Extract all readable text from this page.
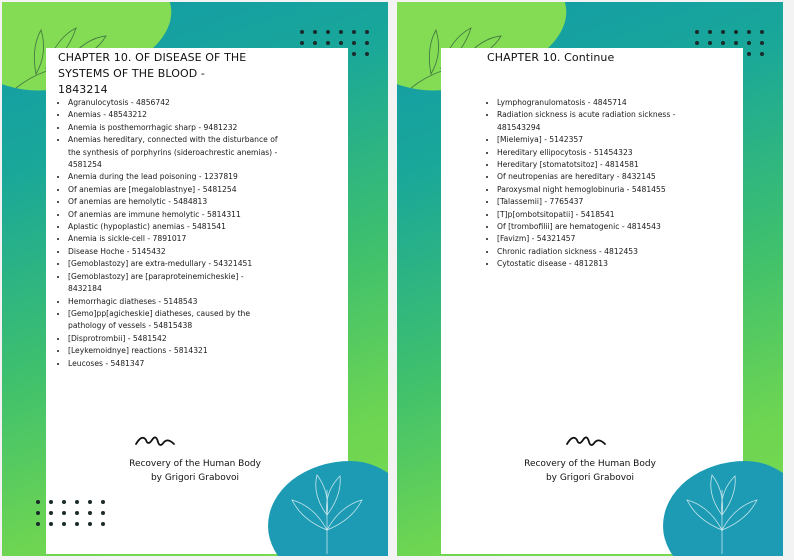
CHAPTER 10. OF DISEASE OF THE SYSTEMS OF THE BLOOD - 1843214
• Agranulocytosis - 4856742
• Anemias - 48543212
• Anemia is posthemorrhagic sharp - 9481232
• Anemias hereditary, connected with the disturbance of the synthesis of porphyrins (sideroachrestic anemias) - 4581254
• Anemia during the lead poisoning - 1237819
• Of anemias are [megaloblastnye] - 5481254
• Of anemias are hemolytic - 5484813
• Of anemias are immune hemolytic - 5814311
• Aplastic (hypoplastic) anemias - 5481541
• Anemia is sickle-cell - 7891017
• Disease Hoche - 5145432
• [Gemoblastozy] are extra-medullary - 54321451
• [Gemoblastozy] are [paraproteinemicheskie] - 8432184
• Hemorrhagic diatheses - 5148543
• [Gemo]pp[agicheskie] diatheses, caused by the pathology of vessels - 54815438
• [Disprotrombii] - 5481542
• [Leykemoidnye] reactions - 5814321
• Leucoses - 5481347
Recovery of the Human Body
by Grigori Grabovoi
CHAPTER 10. Continue
• Lymphogranulomatosis - 4845714
• Radiation sickness is acute radiation sickness - 481543294
• [Mielemiya] - 5142357
• Hereditary ellipocytosis - 51454323
• Hereditary [stomatotsitoz] - 4814581
• Of neutropenias are hereditary - 8432145
• Paroxysmal night hemoglobinuria - 5481455
• [Talassemii] - 7765437
• [T]p[ombotsitopatii] - 5418541
• Of [trombofilii] are hematogenic - 4814543
• [Favizm] - 54321457
• Chronic radiation sickness - 4812453
• Cytostatic disease - 4812813
Recovery of the Human Body
by Grigori Grabovoi
